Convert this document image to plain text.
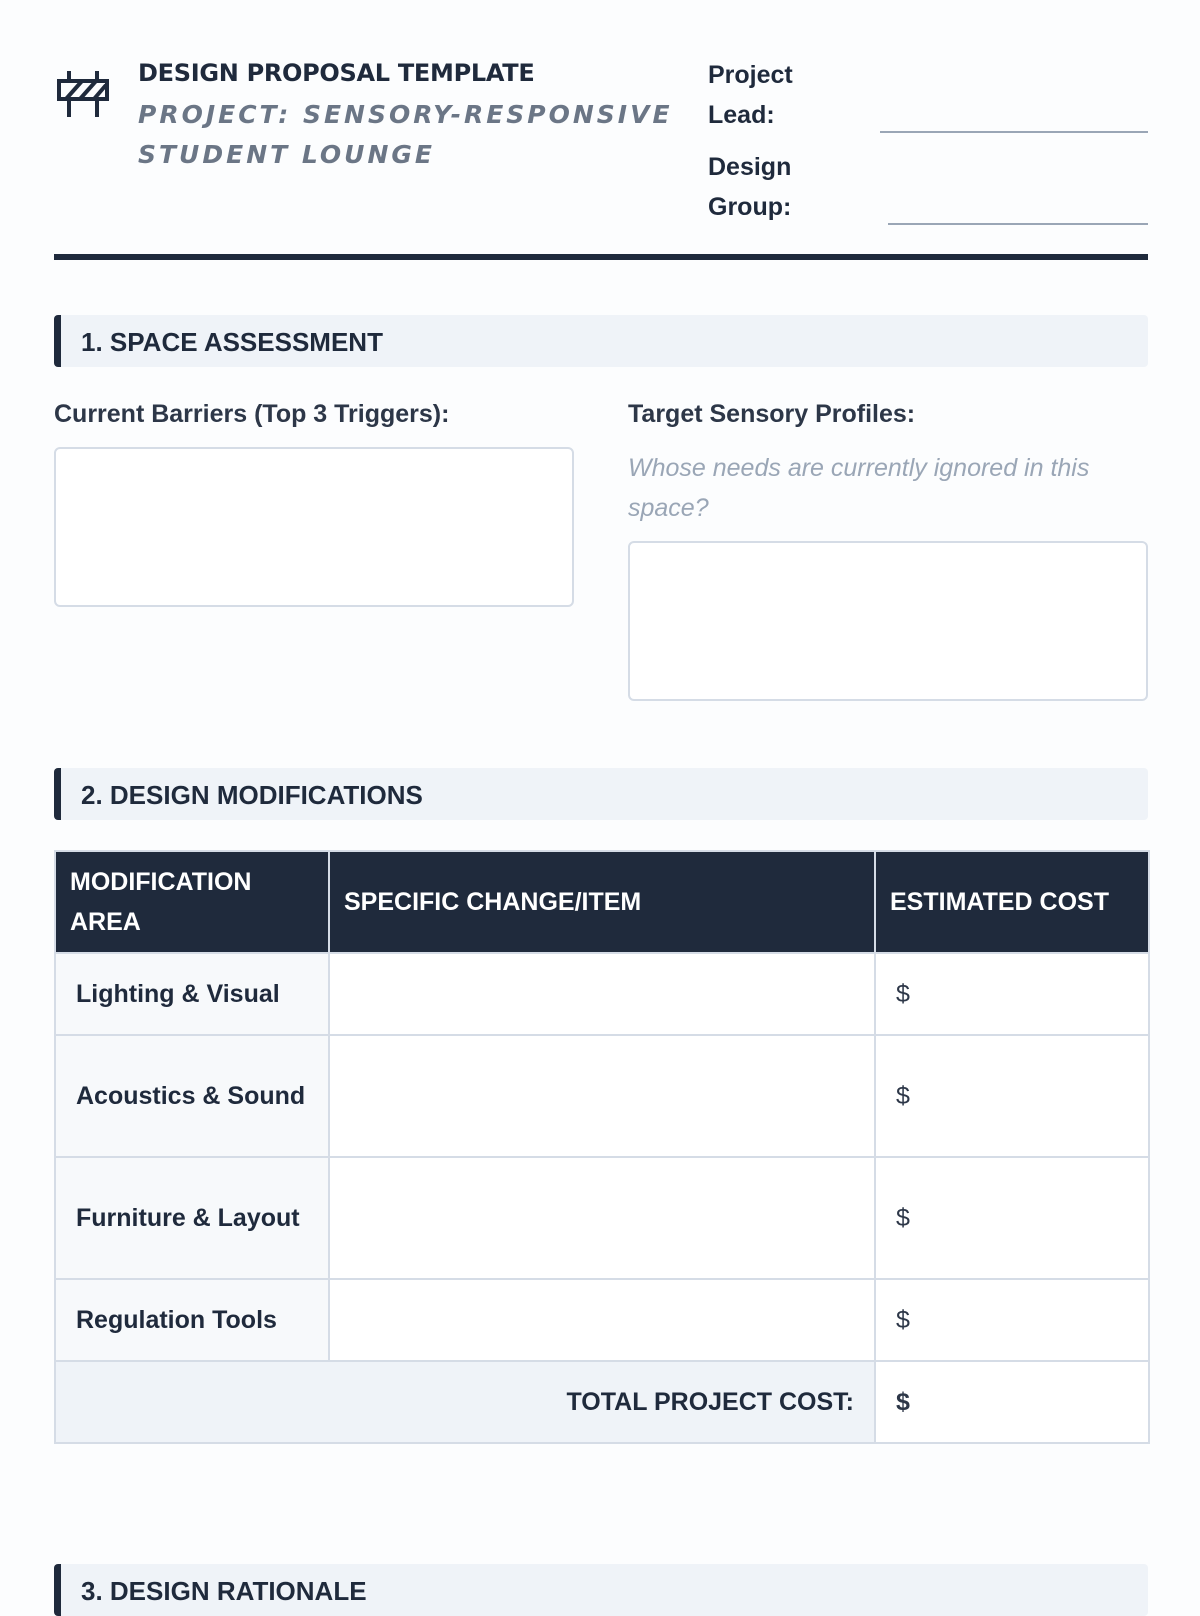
DESIGN PROPOSAL TEMPLATE
PROJECT: SENSORY-RESPONSIVE STUDENT LOUNGE
Project Lead:
Design Group:
1. SPACE ASSESSMENT
Current Barriers (Top 3 Triggers):	Target Sensory Profiles:
Whose needs are currently ignored in this space?
2. DESIGN MODIFICATIONS
MODIFICATION AREA	SPECIFIC CHANGE/ITEM	ESTIMATED COST
Lighting & Visual		$
Acoustics & Sound		$
Furniture & Layout		$
Regulation Tools		$
TOTAL PROJECT COST:		$
3. DESIGN RATIONALE
